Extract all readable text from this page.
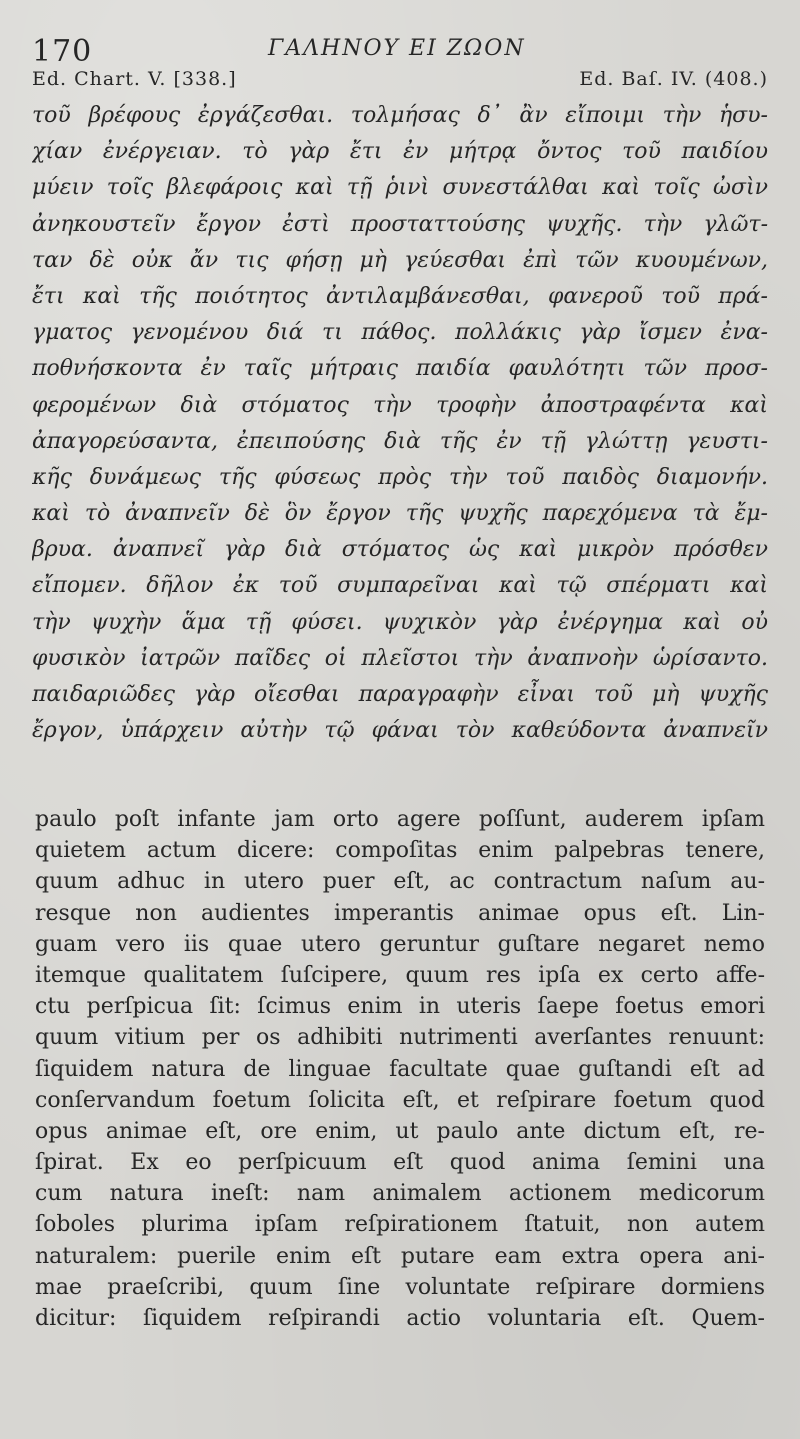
170	ΓΑΛΗΝΟΥ ΕΙ ΖΩΟΝ
Ed. Chart. V. [338.]	Ed. Baſ. IV. (408.)
τοῦ βρέφους ἐργάζεσθαι. τολμήσας δ᾽ ἂν εἴποιμι τὴν ἡσυ-
χίαν ἐνέργειαν. τὸ γὰρ ἔτι ἐν μήτρᾳ ὄντος τοῦ παιδίου
μύειν τοῖς βλεφάροις καὶ τῇ ῥινὶ συνεστάλθαι καὶ τοῖς ὠσὶν
ἀνηκουστεῖν ἔργον ἐστὶ προσταττούσης ψυχῆς. τὴν γλῶτ-
ταν δὲ οὐκ ἄν τις φήσῃ μὴ γεύεσθαι ἐπὶ τῶν κυουμένων,
ἔτι καὶ τῆς ποιότητος ἀντιλαμβάνεσθαι, φανεροῦ τοῦ πρά-
γματος γενομένου διά τι πάθος. πολλάκις γὰρ ἴσμεν ἐνα-
ποθνήσκοντα ἐν ταῖς μήτραις παιδία φαυλότητι τῶν προσ-
φερομένων διὰ στόματος τὴν τροφὴν ἀποστραφέντα καὶ
ἀπαγορεύσαντα, ἐπειπούσης διὰ τῆς ἐν τῇ γλώττῃ γευστι-
κῆς δυνάμεως τῆς φύσεως πρὸς τὴν τοῦ παιδὸς διαμονήν.
καὶ τὸ ἀναπνεῖν δὲ ὃν ἔργον τῆς ψυχῆς παρεχόμενα τὰ ἔμ-
βρυα. ἀναπνεῖ γὰρ διὰ στόματος ὡς καὶ μικρὸν πρόσθεν
εἴπομεν. δῆλον ἐκ τοῦ συμπαρεῖναι καὶ τῷ σπέρματι καὶ
τὴν ψυχὴν ἅμα τῇ φύσει. ψυχικὸν γὰρ ἐνέργημα καὶ οὐ
φυσικὸν ἰατρῶν παῖδες οἱ πλεῖστοι τὴν ἀναπνοὴν ὡρίσαντο.
παιδαριῶδες γὰρ οἴεσθαι παραγραφὴν εἶναι τοῦ μὴ ψυχῆς
ἔργον, ὑπάρχειν αὐτὴν τῷ φάναι τὸν καθεύδοντα ἀναπνεῖν
paulo poſt infante jam orto agere poſſunt, auderem ipſam
quietem actum dicere: compoſitas enim palpebras tenere,
quum adhuc in utero puer eſt, ac contractum naſum au-
resque non audientes imperantis animae opus eſt. Lin-
guam vero iis quae utero geruntur guſtare negaret nemo
itemque qualitatem ſuſcipere, quum res ipſa ex certo affe-
ctu perſpicua ſit: ſcimus enim in uteris ſaepe foetus emori
quum vitium per os adhibiti nutrimenti averſantes renuunt:
ſiquidem natura de linguae facultate quae guſtandi eſt ad
conſervandum foetum ſolicita eſt, et reſpirare foetum quod
opus animae eſt, ore enim, ut paulo ante dictum eſt, re-
ſpirat. Ex eo perſpicuum eſt quod anima ſemini una
cum natura ineſt: nam animalem actionem medicorum
ſoboles plurima ipſam reſpirationem ſtatuit, non autem
naturalem: puerile enim eſt putare eam extra opera ani-
mae praeſcribi, quum ſine voluntate reſpirare dormiens
dicitur: ſiquidem reſpirandi actio voluntaria eſt. Quem-
